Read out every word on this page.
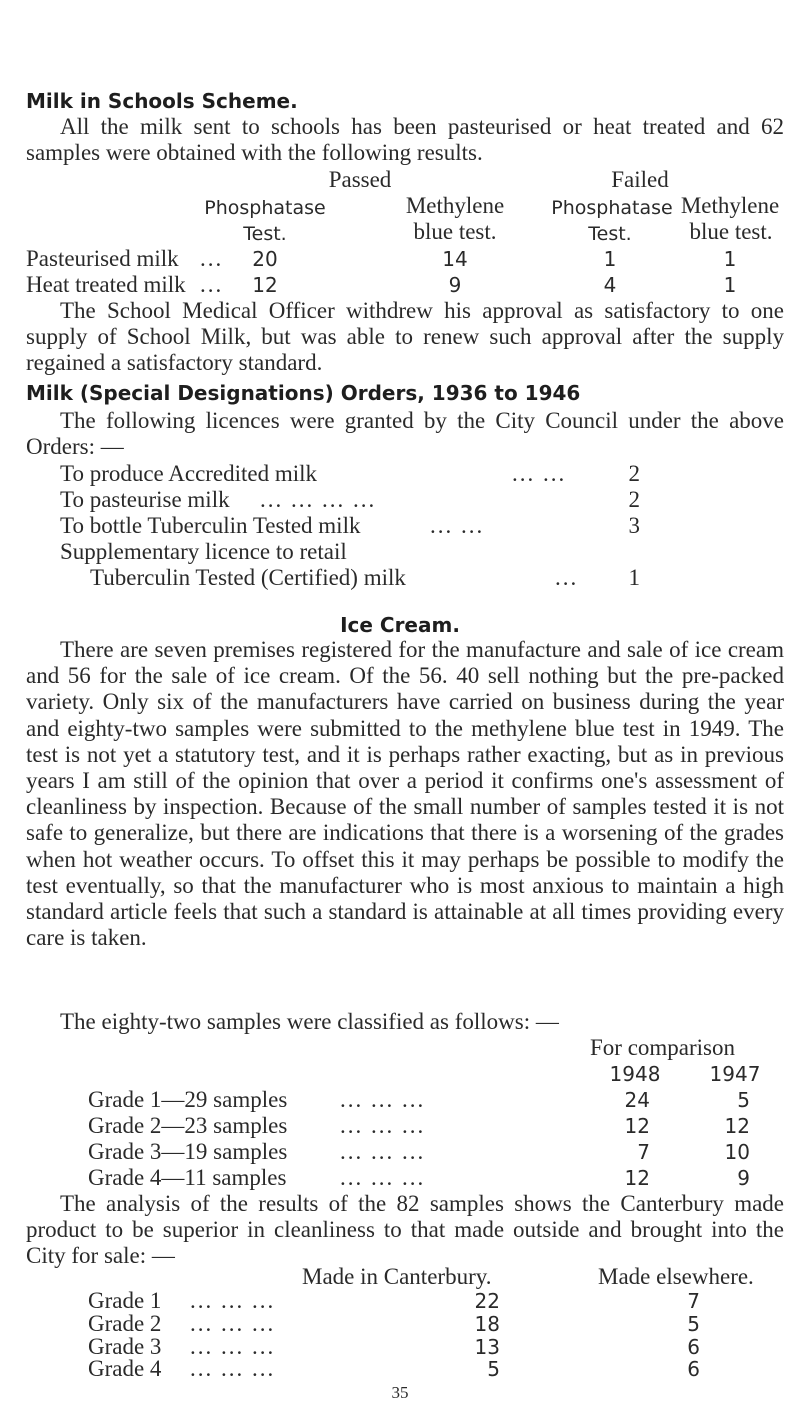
Milk in Schools Scheme.
All the milk sent to schools has been pasteurised or heat treated and 62 samples were obtained with the following results.
Passed	Failed
Phosphatase	Methylene	Phosphatase Methylene
Test.	blue test.	Test.	blue test.
Pasteurised milk ...	20	14	1	1
Heat treated milk ...	12	9	4	1
The School Medical Officer withdrew his approval as satisfactory to one supply of School Milk, but was able to renew such approval after the supply regained a satisfactory standard.
Milk (Special Designations) Orders, 1936 to 1946
The following licences were granted by the City Council under the above Orders: —
To produce Accredited milk	... ...	2
To pasteurise milk ... ... ... ...	2
To bottle Tuberculin Tested milk	... ...	3
Supplementary licence to retail
Tuberculin Tested (Certified) milk	...	1
Ice Cream.
There are seven premises registered for the manufacture and sale of ice cream and 56 for the sale of ice cream. Of the 56. 40 sell nothing but the pre-packed variety. Only six of the manufacturers have carried on business during the year and eighty-two samples were submitted to the methylene blue test in 1949. The test is not yet a statutory test, and it is perhaps rather exacting, but as in previous years I am still of the opinion that over a period it confirms one's assessment of cleanliness by inspection. Because of the small number of samples tested it is not safe to generalize, but there are indications that there is a worsening of the grades when hot weather occurs. To offset this it may perhaps be possible to modify the test eventually, so that the manufacturer who is most anxious to maintain a high standard article feels that such a standard is attainable at all times providing every care is taken.
The eighty-two samples were classified as follows: —
For comparison
1948	1947
Grade 1—29 samples ... ... ...	24	5
Grade 2—23 samples ... ... ...	12	12
Grade 3—19 samples ... ... ...	7	10
Grade 4—11 samples ... ... ...	12	9
The analysis of the results of the 82 samples shows the Canterbury made product to be superior in cleanliness to that made outside and brought into the City for sale: —
Made in Canterbury.	Made elsewhere.
Grade 1 ... ... ...	22	7
Grade 2 ... ... ...	18	5
Grade 3 ... ... ...	13	6
Grade 4 ... ... ...	5	6
35
